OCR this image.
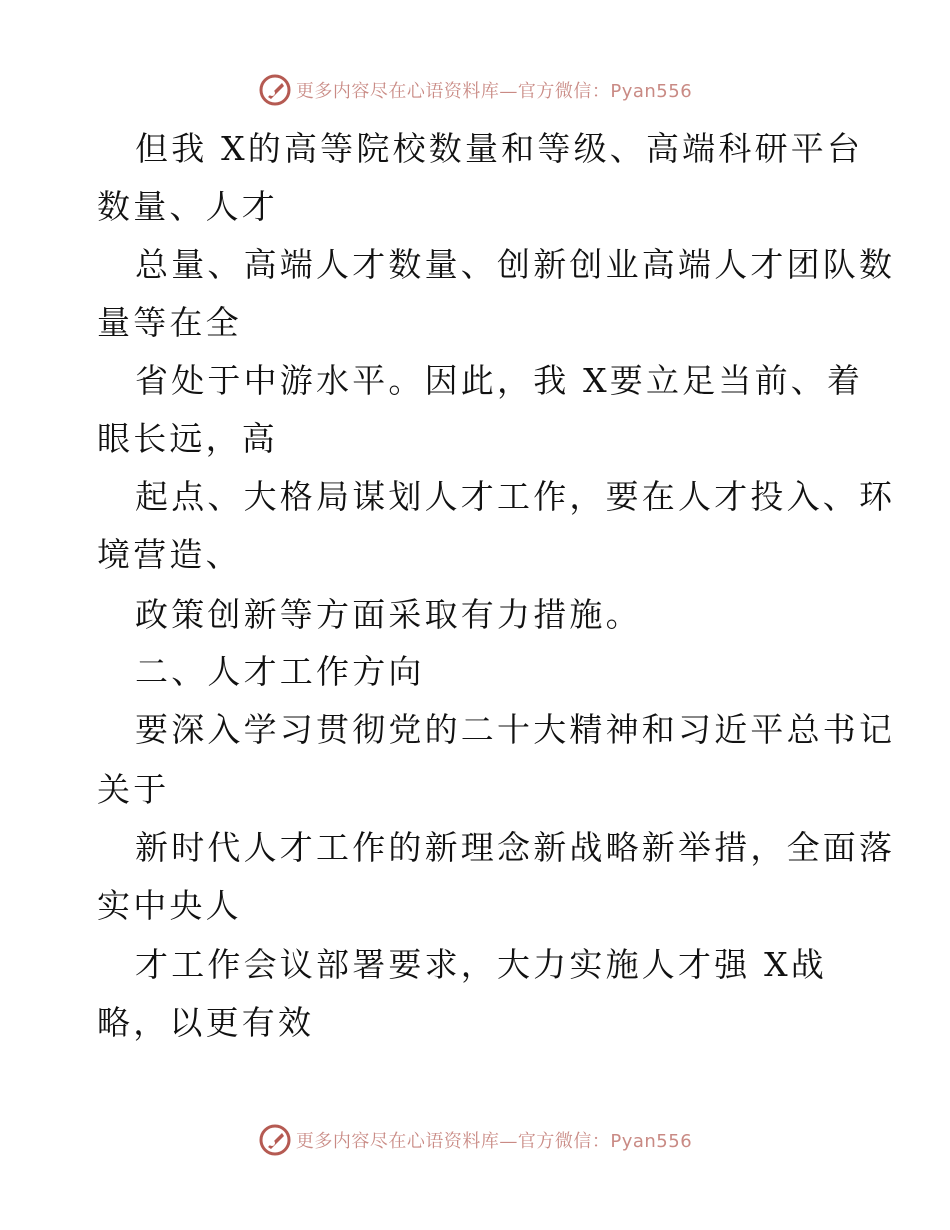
更多内容尽在心语资料库—官方微信：Pyan556
但我 X的高等院校数量和等级、高端科研平台
数量、人才
总量、高端人才数量、创新创业高端人才团队数
量等在全
省处于中游水平。因此，我 X要立足当前、着
眼长远，高
起点、大格局谋划人才工作，要在人才投入、环
境营造、
政策创新等方面采取有力措施。
二、人才工作方向
要深入学习贯彻党的二十大精神和习近平总书记
关于
新时代人才工作的新理念新战略新举措，全面落
实中央人
才工作会议部署要求，大力实施人才强 X战
略，以更有效
更多内容尽在心语资料库—官方微信：Pyan556
